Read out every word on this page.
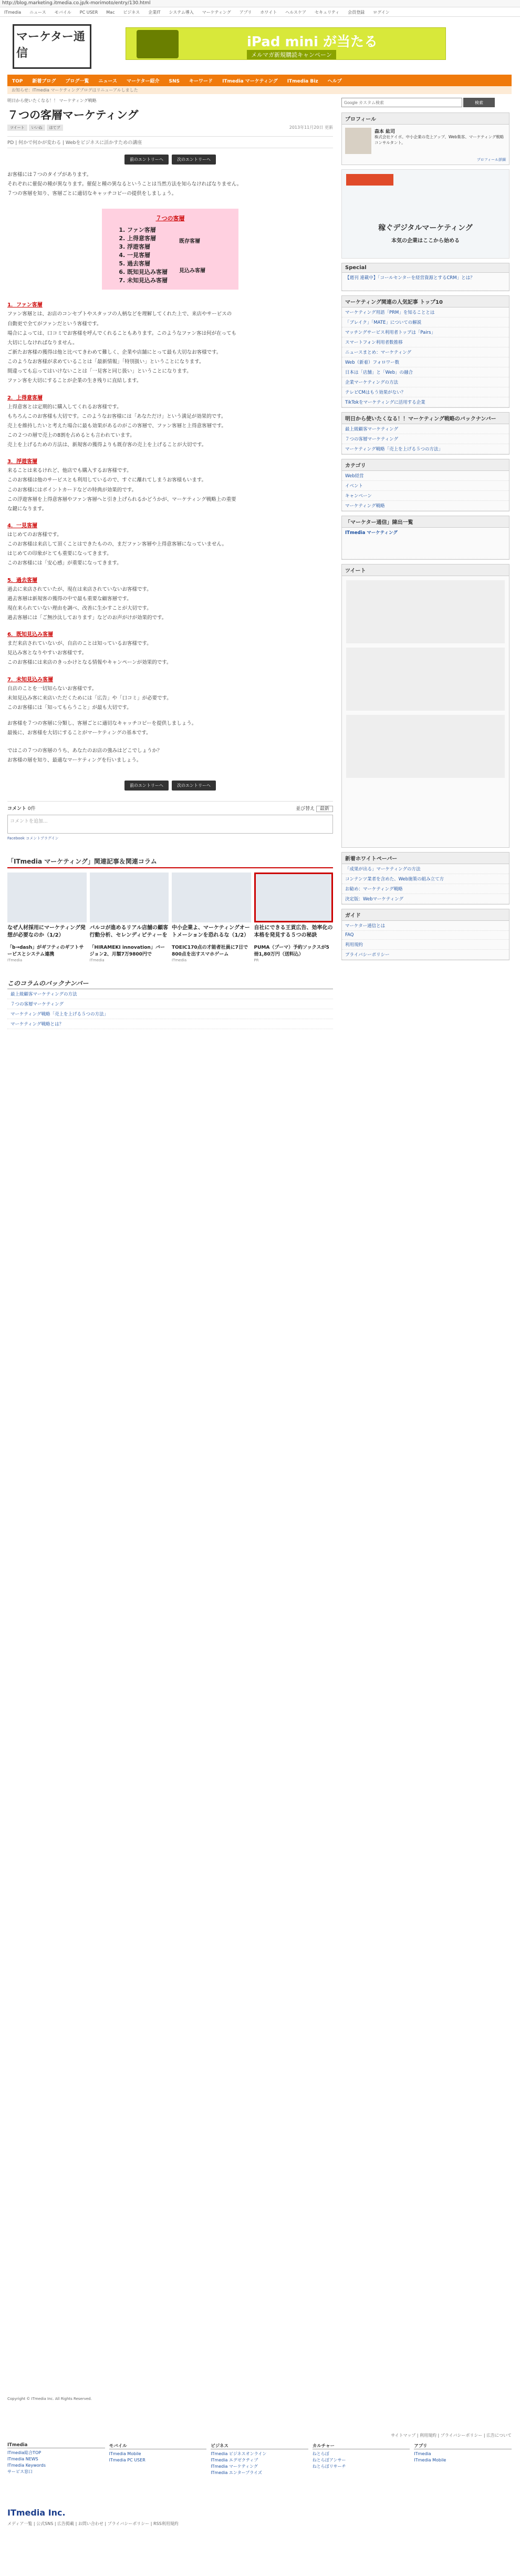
http://blog.marketing.itmedia.co.jp/k-morimoto/entry/130.html
ITmedia ニュース モバイル PC USER Mac ビジネス 企業IT システム導入 マーケティング アプリ ホワイト ヘルスケア セキュリティ 会員登録 ログイン
マーケター通信
iPad mini が当たる
メルマガ新規購読キャンペーン
TOP 新着ブログ ブログ一覧 ニュース マーケター紹介 SNS キーワード ITmedia マーケティング ITmedia Biz ヘルプ
お知らせ：ITmedia マーケティングブログはリニューアルしました
明日から使いたくなる！！ マーケティング戦略
７つの客層マーケティング
ツイート いいね はてブ	2013年11月20日 更新
PD | 何かで何かが変わる | Webをビジネスに活かすための講座
前のエントリーへ	次のエントリーへ

お客様には７つのタイプがあります。

それぞれに催促の種が異なります。催促と種の異なるということは当然方法を知らなければなりません。

７つの客層を知り、客層ごとに適切なキャッチコピーの提供をしましょう。

７つの客層
1. ファン客層
2. 上得意客層
3. 浮遊客層
4. 一見客層
5. 過去客層
6. 既知見込み客層
7. 未知見込み客層
既存客層
見込み客層
1．ファン客層

ファン客層とは、お店のコンセプトやスタッフの人柄などを理解してくれた上で、来店やサービスの

自動更で全てがファンだという客様です。

場合によっては、口コミでお客様を呼んでくれることもあります。このようなファン客は何が在っても

大切にしなければなりません。

ご新たお客様の獲得は他と比べてきわめて難しく、企業や店舗にとって最も大切なお客様です。

このようなお客様が求めていることは「最新情報」「特別扱い」ということになります。

間違っても忘ってはいけないことは「一見客と同じ扱い」ということになります。

ファン客を大切にすることが企業の生き残りに直結します。

2．上得意客層

上得意客とは定期的に購入してくれるお客様です。

もちろんこのお客様も大切です。このようなお客様には「あなただけ」という満足が効果的です。

売上を維持したいと考えた場合に最も効果があるのがこの客層で、ファン客層と上得意客層です。

この２つの層で売上の8割を占めるとも言われています。

売上を上げるための方法は、新規客の獲得よりも既存客の売上を上げることが大切です。

3．浮遊客層

来ることは来るけれど、他店でも購入するお客様です。

このお客様は他のサービスとも利用しているので、すぐに離れてしまうお客様もいます。

このお客様にはポイントカードなどの特典が効果的です。

この浮遊客層を上得意客層やファン客層へと引き上げられるかどうかが、マーケティング戦略上の重要

な鍵になります。

4．一見客層

はじめてのお客様です。

このお客様は来店して頂くことはできたものの、まだファン客層や上得意客層になっていません。

はじめての印象がとても重要になってきます。

このお客様には「安心感」が重要になってきます。

5．過去客層

過去に来店されていたが、現在は来店されていないお客様です。

過去客層は新規客の獲得の中で最も重要な顧客層です。

現在来られていない理由を調べ、改善に生かすことが大切です。

過去客層には「ご無沙汰しております」などのお声がけが効果的です。

6．既知見込み客層

まだ来店されていないが、自店のことは知っているお客様です。

見込み客となりやすいお客様です。

このお客様には来店のきっかけとなる情報やキャンペーンが効果的です。

7．未知見込み客層

自店のことを一切知らないお客様です。

未知見込み客に来店いただくためには「広告」や「口コミ」が必要です。

このお客様には「知ってもらうこと」が最も大切です。

お客様を７つの客層に分類し、客層ごとに適切なキャッチコピーを提供しましょう。

最後に、お客様を大切にすることがマーケティングの基本です。

ではこの７つの客層のうち、あなたのお店の強みはどこでしょうか？

お客様の層を知り、最適なマーケティングを行いましょう。

前のエントリーへ	次のエントリーへ
コメント 0件	並び替え 最新
コメントを追加...
Facebook コメントプラグイン
「ITmedia マーケティング」関連記事＆関連コラム
なぜ人材採用にマーケティング発想が必要なのか（1/2）
バルコが進めるリアル店舗の顧客行動分析、セレンディピティーを
中小企業よ、マーケティングオートメーションを恐れるな（1/2）
自社にできる王貢広告、効率化の本格を発見する５つの秘訣
「b→dash」がギフティのギフトサービスとシステム連携
ITmedia
「HIRAMEKI innovation」バージョン2、月額7万9800円で
ITmedia
TOEIC170点の才能者社員に7日で800点を出すスマホゲーム
ITmedia
PUMA（プーマ）予約ソックスが5冊1,80万円（送料込）
PR
このコラムのバックナンバー
最上級顧客マーケティングの方法
７つの客層マーケティング
マーケティング戦略「売上を上げる５つの方法」
マーケティング戦略とは？
Google カスタム検索
検索
プロフィール
森本 紘司
株式会社ケイボ。中小企業の売上アップ、Web集客、マーケティング戦略コンサルタント。
プロフィール詳細
稼ぐデジタルマーケティング
本気の企業はここから始める
Special
【週刊 連載中】「コールセンターを経営資源とするCRM」とは？
マーケティング関連の人気記事 トップ10
マーケティング用語「PRM」を知ることとは
「ブレイク」「MATE」についての解説
マッチングサービス利用者トップは「Pairs」
スマートフォン利用者数推移
ニュースまとめ：マーケティング
Web（新着）フォロワー数
日本は「店舗」と「Web」の融合
企業マーケティングの方法
テレビCMはもう効果がない？
TikTokをマーケティングに活用する企業
明日から使いたくなる！！マーケティング戦略のバックナンバー
最上級顧客マーケティング
７つの客層マーケティング
マーケティング戦略「売上を上げる５つの方法」
カテゴリ
Web経営
イベント
キャンペーン
マーケティング戦略
「マーケター通信」陳出一覧
ITmedia マーケティング
ツイート
新着ホワイトペーパー
「成果が出る」マーケティングの方法
コンテンツ業者を含めた、Web施策の組み立て方
お勧め：マーケティング戦略
決定版：Webマーケティング
ガイド
マーケター通信とは
FAQ
利用規約
プライバシーポリシー
Copyright © ITmedia Inc. All Rights Reserved.
サイトマップ | 利用規約 | プライバシーポリシー | 広告について
ITmedia
ITmedia総合TOP
ITmedia NEWS
ITmedia Keywords
サービス窓口
モバイル
ITmedia Mobile
ITmedia PC USER
ビジネス
ITmedia ビジネスオンライン
ITmedia エグゼクティブ
ITmedia マーケティング
ITmedia エンタープライズ
カルチャー
ねとらぼ
ねとらぼアンサー
ねとらぼリサーチ
アプリ
ITmedia
ITmedia Mobile
ITmedia Inc.
メディア一覧 | 公式SNS | 広告掲載 | お問い合わせ | プライバシーポリシー | RSS利用規約
